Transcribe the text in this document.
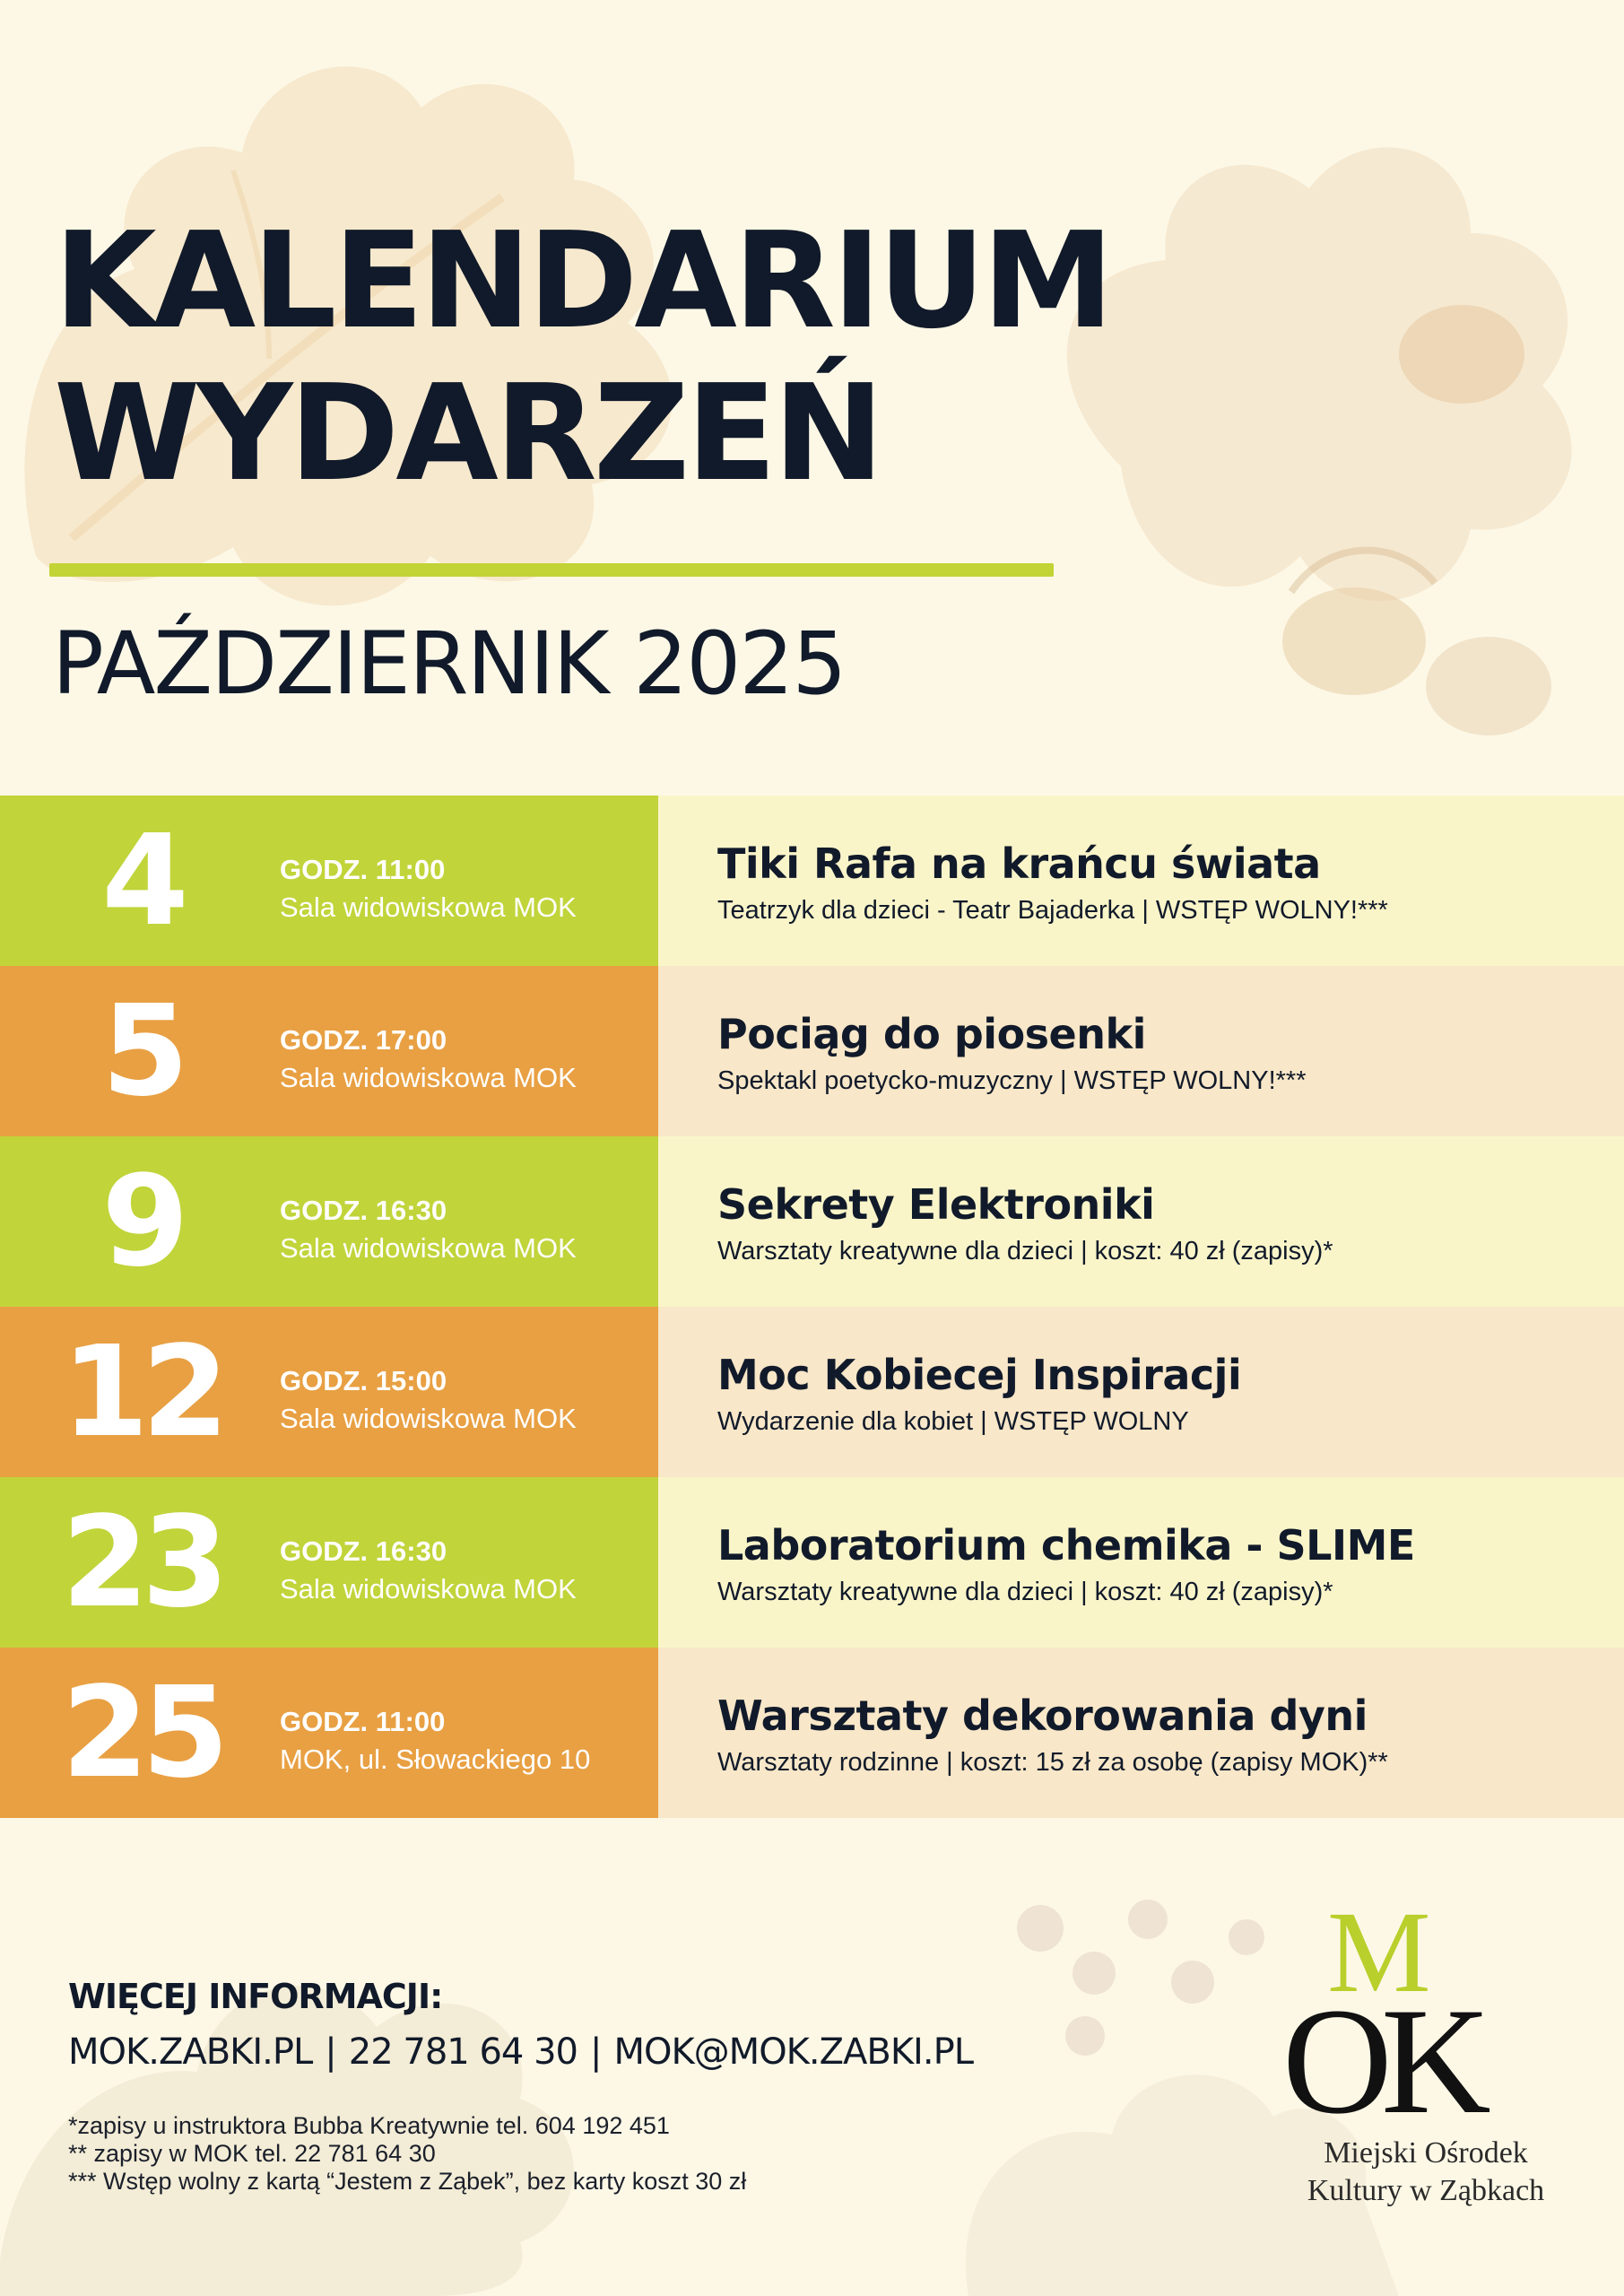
KALENDARIUM
WYDARZEŃ
PAŹDZIERNIK 2025
4	GODZ. 11:00
Sala widowiskowa MOK
Tiki Rafa na krańcu świata
Teatrzyk dla dzieci - Teatr Bajaderka | WSTĘP WOLNY!***
5	GODZ. 17:00
Sala widowiskowa MOK
Pociąg do piosenki
Spektakl poetycko-muzyczny | WSTĘP WOLNY!***
9	GODZ. 16:30
Sala widowiskowa MOK
Sekrety Elektroniki
Warsztaty kreatywne dla dzieci | koszt: 40 zł (zapisy)*
12	GODZ. 15:00
Sala widowiskowa MOK
Moc Kobiecej Inspiracji
Wydarzenie dla kobiet | WSTĘP WOLNY
23	GODZ. 16:30
Sala widowiskowa MOK
Laboratorium chemika - SLIME
Warsztaty kreatywne dla dzieci | koszt: 40 zł (zapisy)*
25	GODZ. 11:00
MOK, ul. Słowackiego 10
Warsztaty dekorowania dyni
Warsztaty rodzinne | koszt: 15 zł za osobę (zapisy MOK)**
WIĘCEJ INFORMACJI:
MOK.ZABKI.PL | 22 781 64 30 | MOK@MOK.ZABKI.PL
*zapisy u instruktora Bubba Kreatywnie tel. 604 192 451
** zapisy w MOK tel. 22 781 64 30
*** Wstęp wolny z kartą “Jestem z Ząbek”, bez karty koszt 30 zł
M
O
K
Miejski Ośrodek
Kultury w Ząbkach
